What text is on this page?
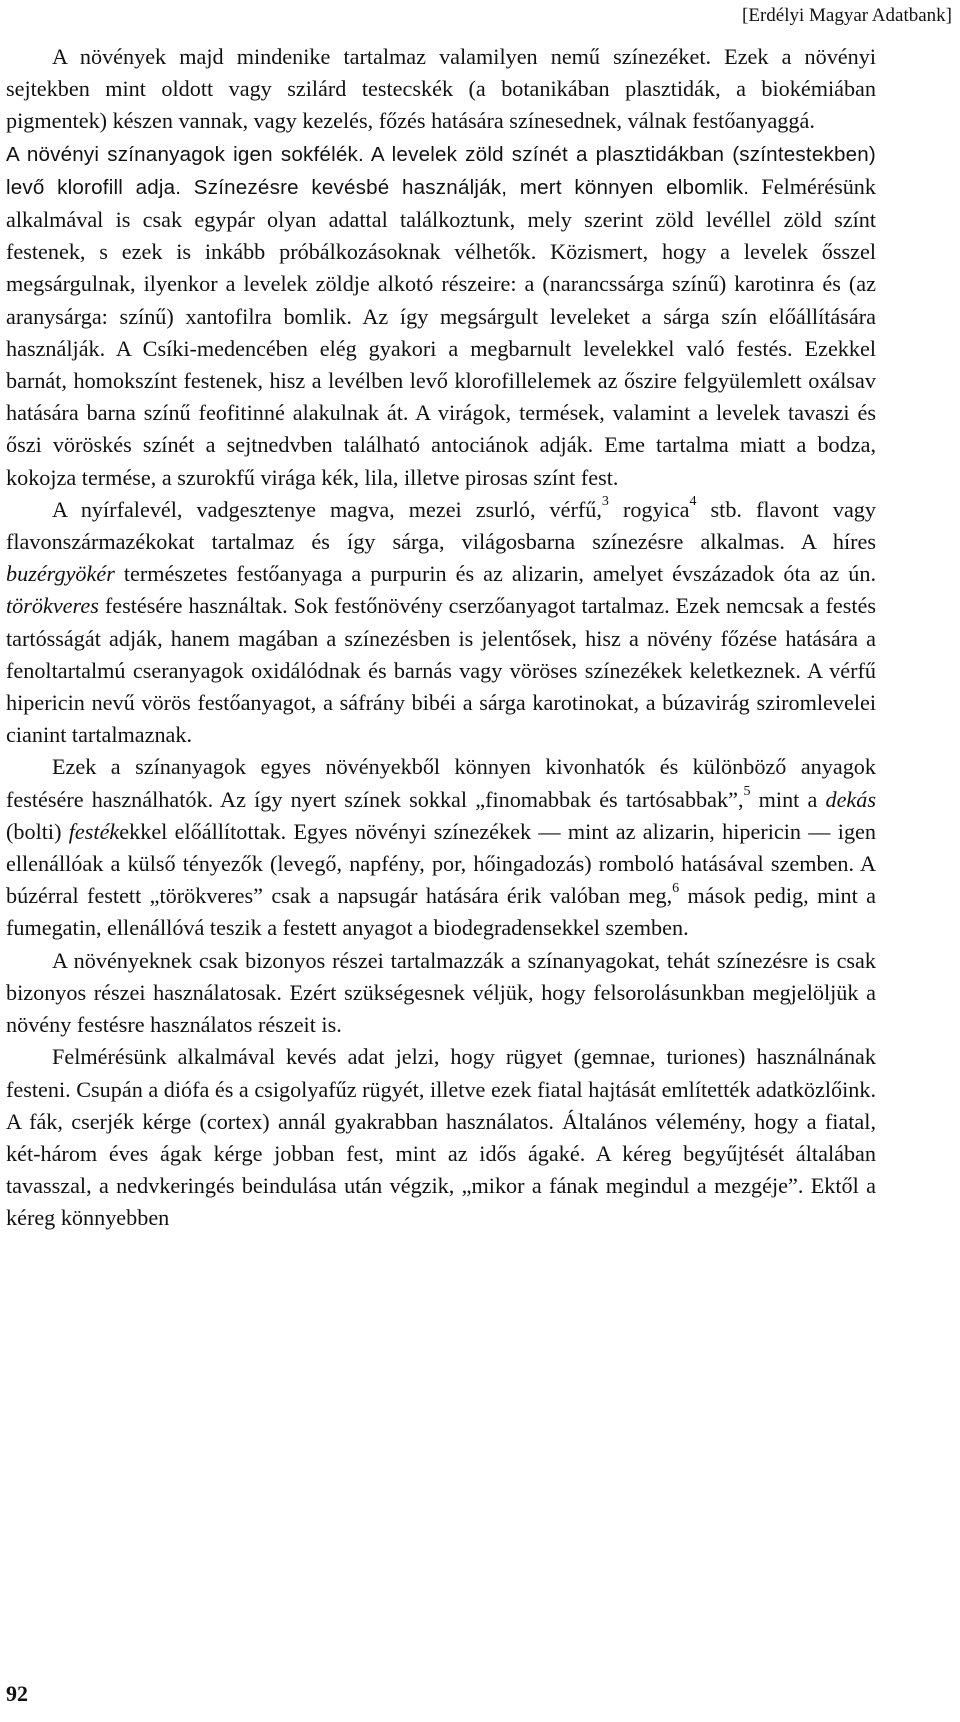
[Erdélyi Magyar Adatbank]

A növények majd mindenike tartalmaz valamilyen nemű színezéket. Ezek a növényi sejtekben mint oldott vagy szilárd testecskék (a botanikában plasztidák, a biokémiában pigmentek) készen vannak, vagy kezelés, főzés hatására színesednek, válnak festőanyaggá.

A növényi színanyagok igen sokfélék. A levelek zöld színét a plasztidákban (színtestekben) levő klorofill adja. Színezésre kevésbé használják, mert könnyen elbomlik. Felmérésünk alkalmával is csak egypár olyan adattal találkoztunk, mely szerint zöld levéllel zöld színt festenek, s ezek is inkább próbálkozásoknak vélhetők. Közismert, hogy a levelek ősszel megsárgulnak, ilyenkor a levelek zöldje alkotó részeire: a (narancssárga színű) karotinra és (az aranysárga: színű) xantofilra bomlik. Az így megsárgult leveleket a sárga szín előállítására használják. A Csíki-medencében elég gyakori a megbarnult levelekkel való festés. Ezekkel barnát, homokszínt festenek, hisz a levélben levő klorofillelemek az őszire felgyülemlett oxálsav hatására barna színű feofitinné alakulnak át. A virágok, termések, valamint a levelek tavaszi és őszi vöröskés színét a sejtnedvben található antociánok adják. Eme tartalma miatt a bodza, kokojza termése, a szurokfű virága kék, lila, illetve pirosas színt fest.

A nyírfalevél, vadgesztenye magva, mezei zsurló, vérfű,$^3$ rogyica$^4$ stb. flavont vagy flavonszármazékokat tartalmaz és így sárga, világosbarna színezésre alkalmas. A híres buzérgyökér természetes festőanyaga a purpurin és az alizarin, amelyet évszázadok óta az ún. törökveres festésére használtak. Sok festőnövény cserzőanyagot tartalmaz. Ezek nemcsak a festés tartósságát adják, hanem magában a színezésben is jelentősek, hisz a növény főzése hatására a fenoltartalmú cseranyagok oxidálódnak és barnás vagy vöröses színezékek keletkeznek. A vérfű hipericin nevű vörös festőanyagot, a sáfrány bibéi a sárga karotinokat, a búzavirág sziromlevelei cianint tartalmaznak.

Ezek a színanyagok egyes növényekből könnyen kivonhatók és különböző anyagok festésére használhatók. Az így nyert színek sokkal „finomabbak és tartósabbak”,$^5$ mint a dekás (bolti) festékekkel előállítottak. Egyes növényi színezékek — mint az alizarin, hipericin — igen ellenállóak a külső tényezők (levegő, napfény, por, hőingadozás) romboló hatásával szemben. A búzérral festett „törökveres” csak a napsugár hatására érik valóban meg,$^6$ mások pedig, mint a fumegatin, ellenállóvá teszik a festett anyagot a biodegradensekkel szemben.

A növényeknek csak bizonyos részei tartalmazzák a színanyagokat, tehát színezésre is csak bizonyos részei használatosak. Ezért szükségesnek véljük, hogy felsorolásunkban megjelöljük a növény festésre használatos részeit is.

Felmérésünk alkalmával kevés adat jelzi, hogy rügyet (gemnae, turiones) használnának festeni. Csupán a diófa és a csigolyafűz rügyét, illetve ezek fiatal hajtását említették adatközlőink. A fák, cserjék kérge (cortex) annál gyakrabban használatos. Általános vélemény, hogy a fiatal, két-három éves ágak kérge jobban fest, mint az idős ágaké. A kéreg begyűjtését általában tavasszal, a nedvkeringés beindulása után végzik, „mikor a fának megindul a mezgéje”. Ektől a kéreg könnyebben

92
